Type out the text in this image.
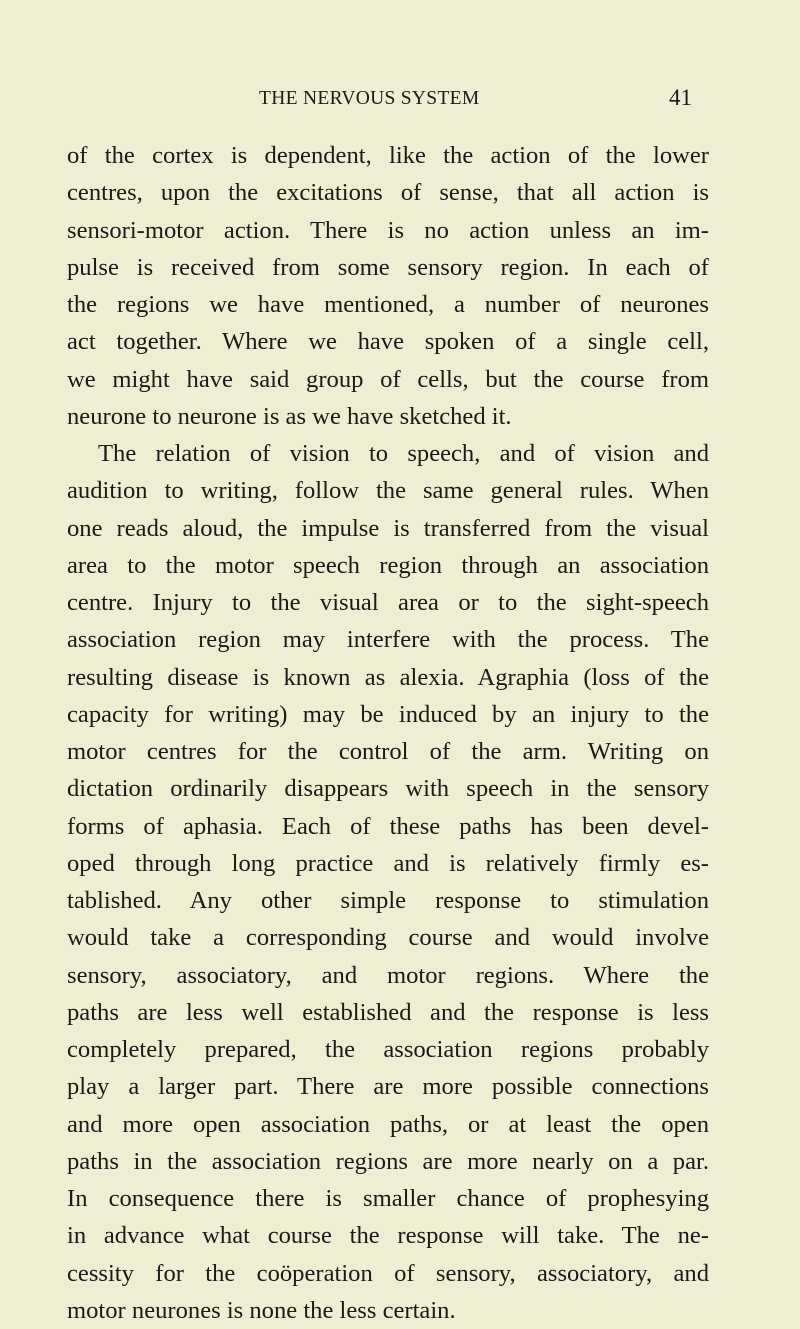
THE NERVOUS SYSTEM	41
of the cortex is dependent, like the action of the lower
centres, upon the excitations of sense, that all action is
sensori-motor action. There is no action unless an im-
pulse is received from some sensory region. In each of
the regions we have mentioned, a number of neurones
act together. Where we have spoken of a single cell,
we might have said group of cells, but the course from
neurone to neurone is as we have sketched it.
The relation of vision to speech, and of vision and
audition to writing, follow the same general rules. When
one reads aloud, the impulse is transferred from the visual
area to the motor speech region through an association
centre. Injury to the visual area or to the sight-speech
association region may interfere with the process. The
resulting disease is known as alexia. Agraphia (loss of the
capacity for writing) may be induced by an injury to the
motor centres for the control of the arm. Writing on
dictation ordinarily disappears with speech in the sensory
forms of aphasia. Each of these paths has been devel-
oped through long practice and is relatively firmly es-
tablished. Any other simple response to stimulation
would take a corresponding course and would involve
sensory, associatory, and motor regions. Where the
paths are less well established and the response is less
completely prepared, the association regions probably
play a larger part. There are more possible connections
and more open association paths, or at least the open
paths in the association regions are more nearly on a par.
In consequence there is smaller chance of prophesying
in advance what course the response will take. The ne-
cessity for the coöperation of sensory, associatory, and
motor neurones is none the less certain.
